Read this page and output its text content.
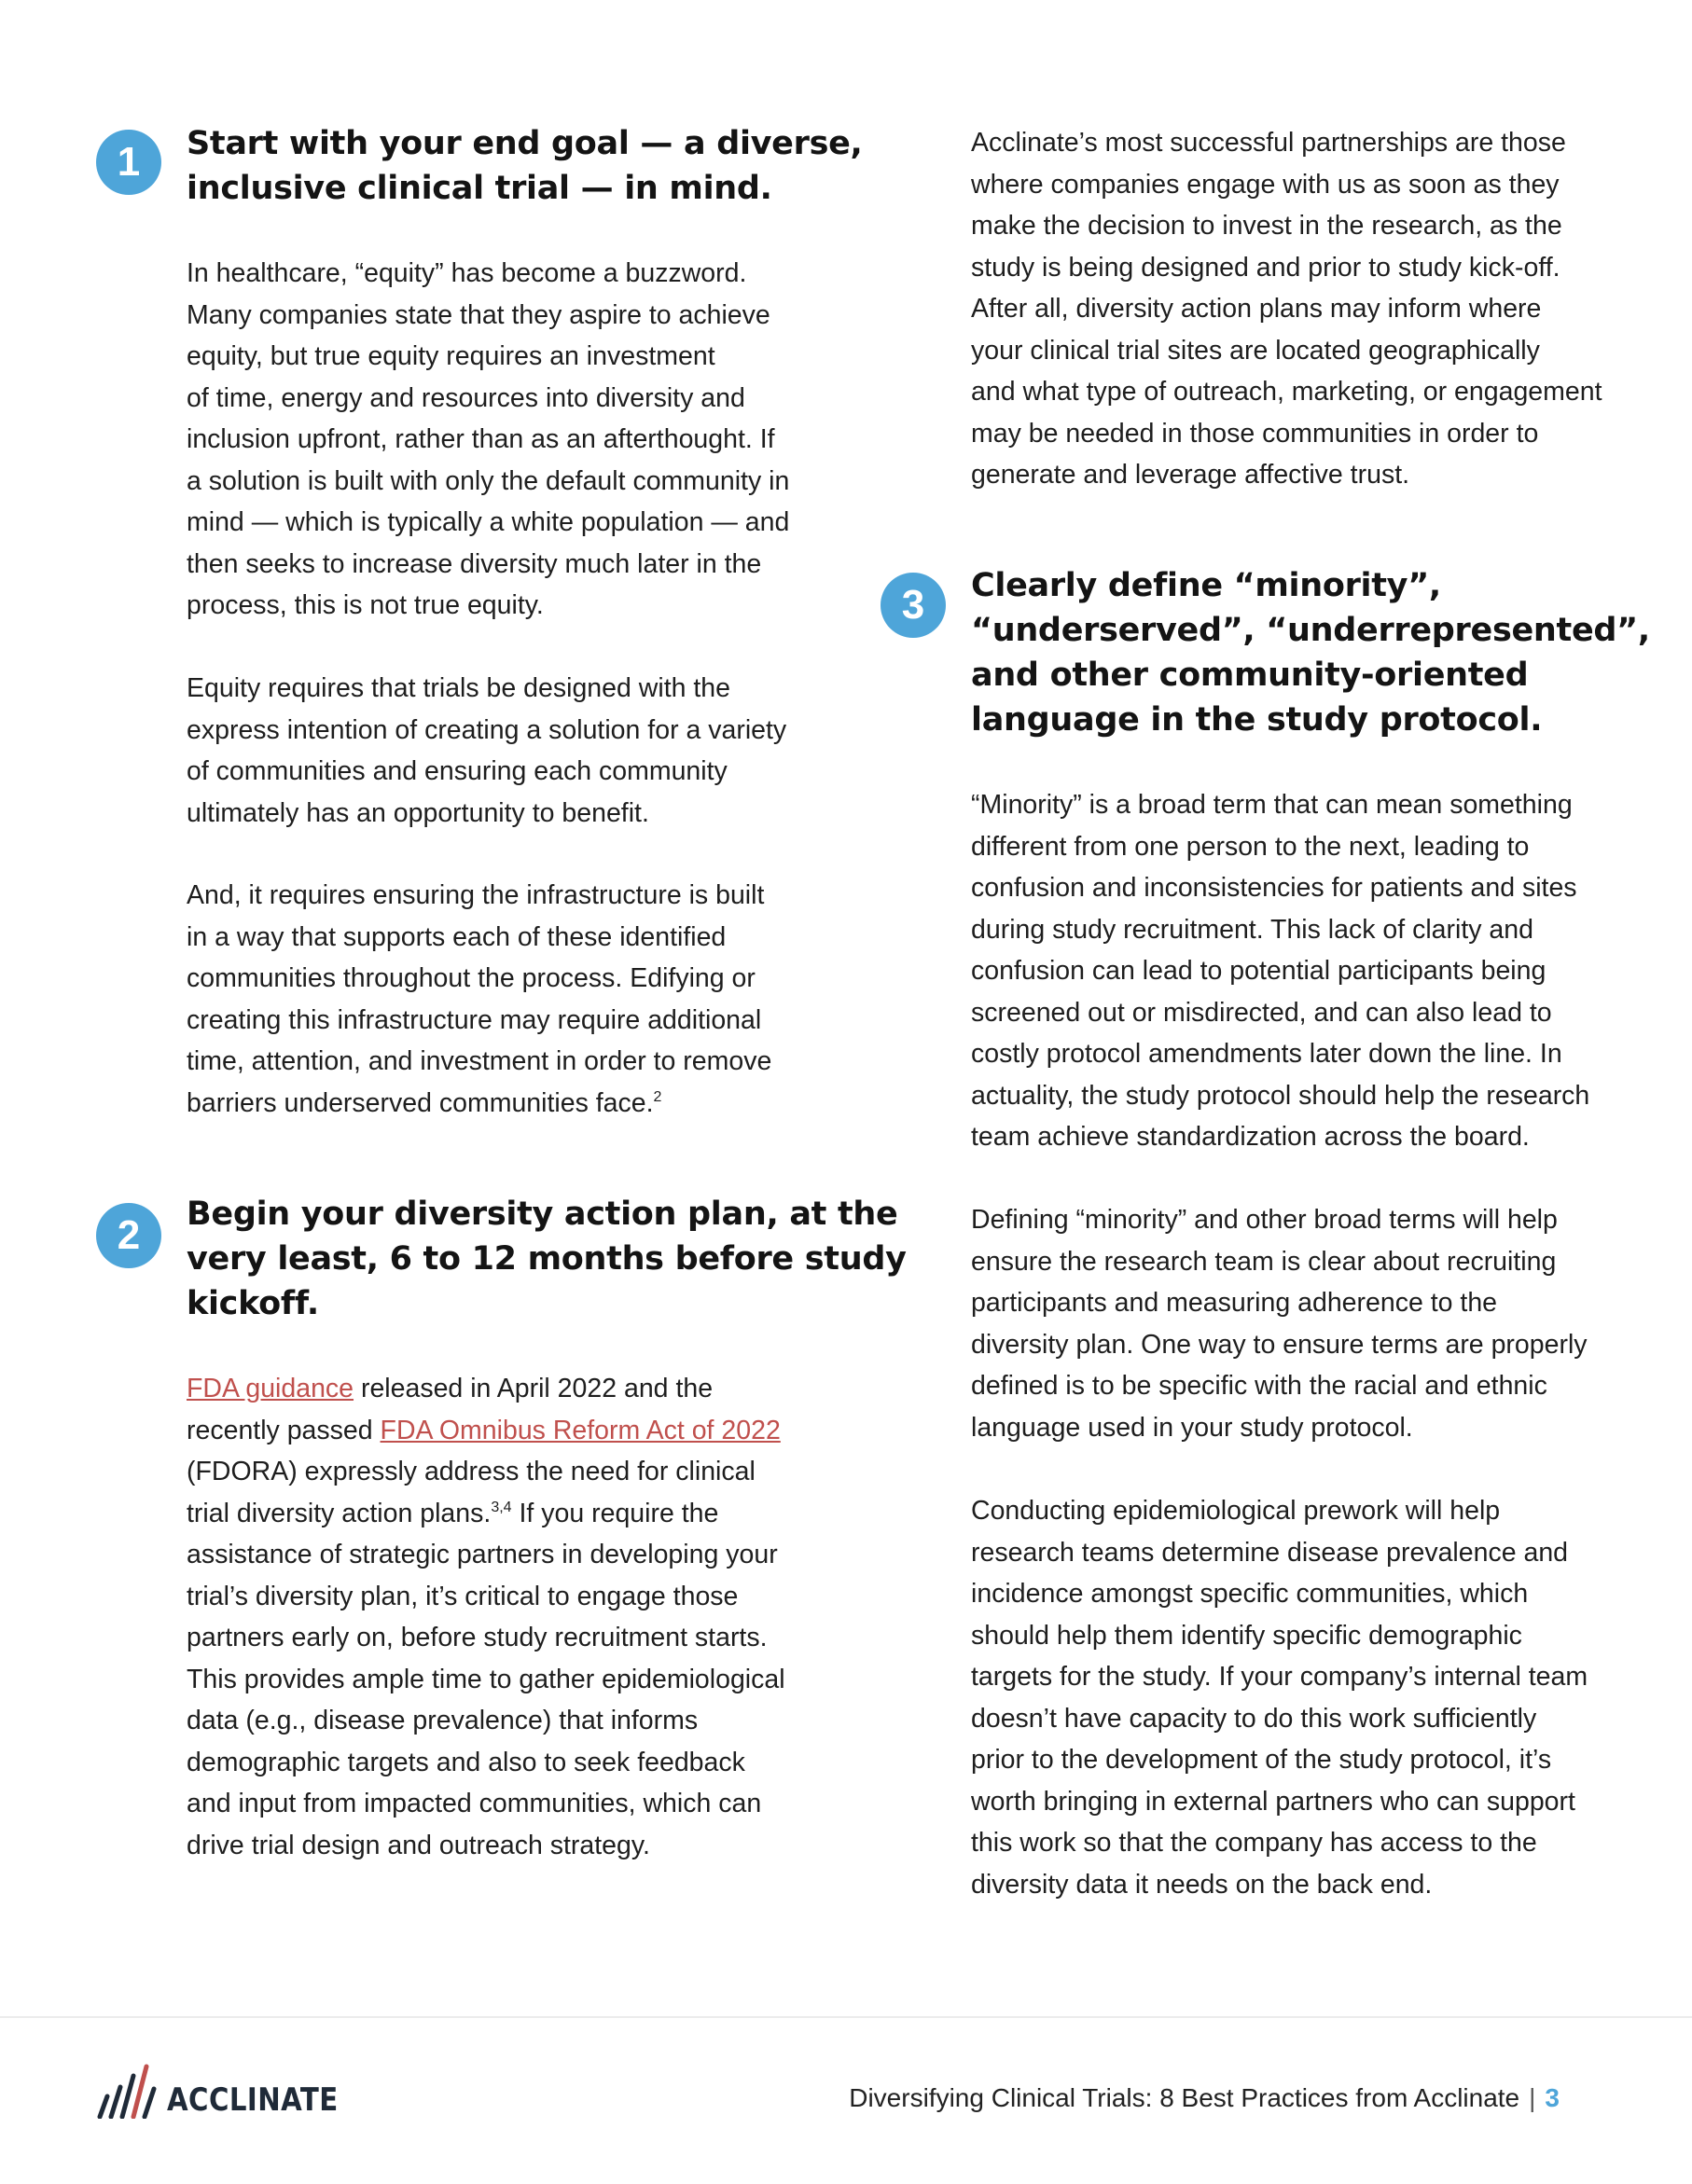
1 Start with your end goal — a diverse,
inclusive clinical trial — in mind.
In healthcare, “equity” has become a buzzword.
Many companies state that they aspire to achieve
equity, but true equity requires an investment
of time, energy and resources into diversity and
inclusion upfront, rather than as an afterthought. If
a solution is built with only the default community in
mind — which is typically a white population — and
then seeks to increase diversity much later in the
process, this is not true equity.
Equity requires that trials be designed with the
express intention of creating a solution for a variety
of communities and ensuring each community
ultimately has an opportunity to benefit.
And, it requires ensuring the infrastructure is built
in a way that supports each of these identified
communities throughout the process. Edifying or
creating this infrastructure may require additional
time, attention, and investment in order to remove
barriers underserved communities face.$^2$
2 Begin your diversity action plan, at the
very least, 6 to 12 months before study
kickoff.
FDA guidance released in April 2022 and the
recently passed FDA Omnibus Reform Act of 2022
(FDORA) expressly address the need for clinical
trial diversity action plans.$^{3,4}$ If you require the
assistance of strategic partners in developing your
trial’s diversity plan, it’s critical to engage those
partners early on, before study recruitment starts.
This provides ample time to gather epidemiological
data (e.g., disease prevalence) that informs
demographic targets and also to seek feedback
and input from impacted communities, which can
drive trial design and outreach strategy.
Acclinate’s most successful partnerships are those
where companies engage with us as soon as they
make the decision to invest in the research, as the
study is being designed and prior to study kick-off.
After all, diversity action plans may inform where
your clinical trial sites are located geographically
and what type of outreach, marketing, or engagement
may be needed in those communities in order to
generate and leverage affective trust.
3 Clearly define “minority”,
“underserved”, “underrepresented”,
and other community-oriented
language in the study protocol.
“Minority” is a broad term that can mean something
different from one person to the next, leading to
confusion and inconsistencies for patients and sites
during study recruitment. This lack of clarity and
confusion can lead to potential participants being
screened out or misdirected, and can also lead to
costly protocol amendments later down the line. In
actuality, the study protocol should help the research
team achieve standardization across the board.
Defining “minority” and other broad terms will help
ensure the research team is clear about recruiting
participants and measuring adherence to the
diversity plan. One way to ensure terms are properly
defined is to be specific with the racial and ethnic
language used in your study protocol.
Conducting epidemiological prework will help
research teams determine disease prevalence and
incidence amongst specific communities, which
should help them identify specific demographic
targets for the study. If your company’s internal team
doesn’t have capacity to do this work sufficiently
prior to the development of the study protocol, it’s
worth bringing in external partners who can support
this work so that the company has access to the
diversity data it needs on the back end.
ACCLINATE	Diversifying Clinical Trials: 8 Best Practices from Acclinate | 3
